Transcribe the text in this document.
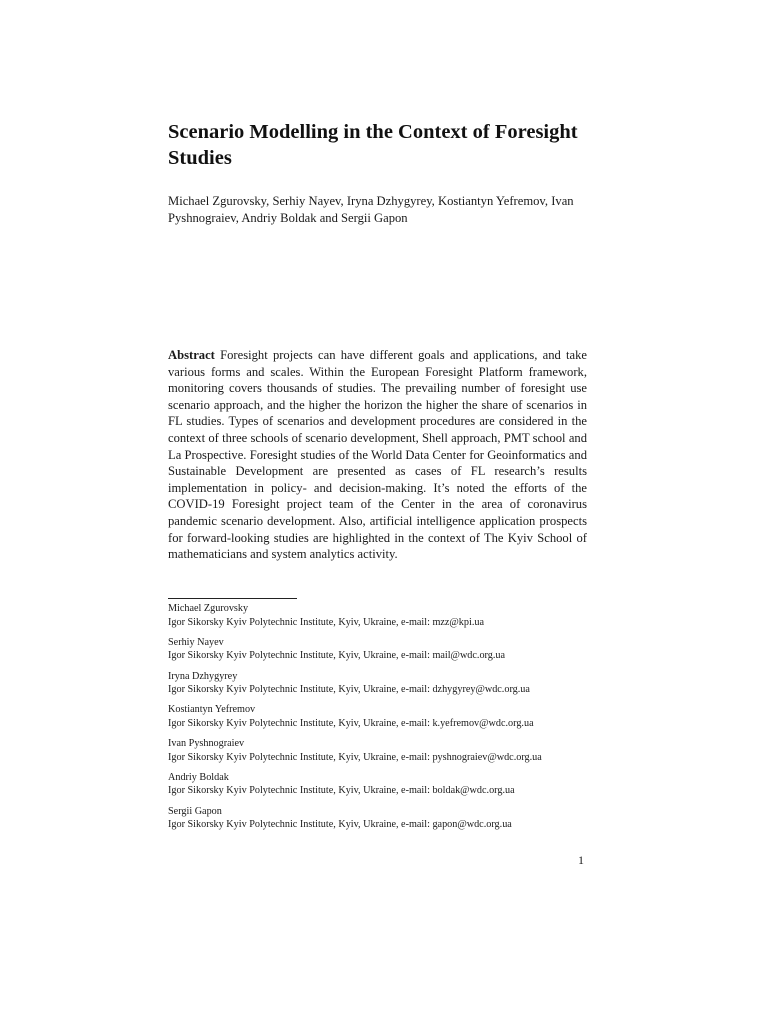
Scenario Modelling in the Context of Foresight Studies

Michael Zgurovsky, Serhiy Nayev, Iryna Dzhygyrey, Kostiantyn Yefremov, Ivan Pyshnograiev, Andriy Boldak and Sergii Gapon

Abstract Foresight projects can have different goals and applications, and take various forms and scales. Within the European Foresight Platform framework, monitoring covers thousands of studies. The prevailing number of foresight use scenario approach, and the higher the horizon the higher the share of scenarios in FL studies. Types of scenarios and development procedures are considered in the context of three schools of scenario development, Shell approach, PMT school and La Prospective. Foresight studies of the World Data Center for Geoinformatics and Sustainable Development are presented as cases of FL research’s results implementation in policy- and decision-making. It’s noted the efforts of the COVID-19 Foresight project team of the Center in the area of coronavirus pandemic scenario development. Also, artificial intelligence application prospects for forward-looking studies are highlighted in the context of The Kyiv School of mathematicians and system analytics activity.

Michael Zgurovsky
Igor Sikorsky Kyiv Polytechnic Institute, Kyiv, Ukraine, e-mail: mzz@kpi.ua
Serhiy Nayev
Igor Sikorsky Kyiv Polytechnic Institute, Kyiv, Ukraine, e-mail: mail@wdc.org.ua
Iryna Dzhygyrey
Igor Sikorsky Kyiv Polytechnic Institute, Kyiv, Ukraine, e-mail: dzhygyrey@wdc.org.ua
Kostiantyn Yefremov
Igor Sikorsky Kyiv Polytechnic Institute, Kyiv, Ukraine, e-mail: k.yefremov@wdc.org.ua
Ivan Pyshnograiev
Igor Sikorsky Kyiv Polytechnic Institute, Kyiv, Ukraine, e-mail: pyshnograiev@wdc.org.ua
Andriy Boldak
Igor Sikorsky Kyiv Polytechnic Institute, Kyiv, Ukraine, e-mail: boldak@wdc.org.ua
Sergii Gapon
Igor Sikorsky Kyiv Polytechnic Institute, Kyiv, Ukraine, e-mail: gapon@wdc.org.ua
1
